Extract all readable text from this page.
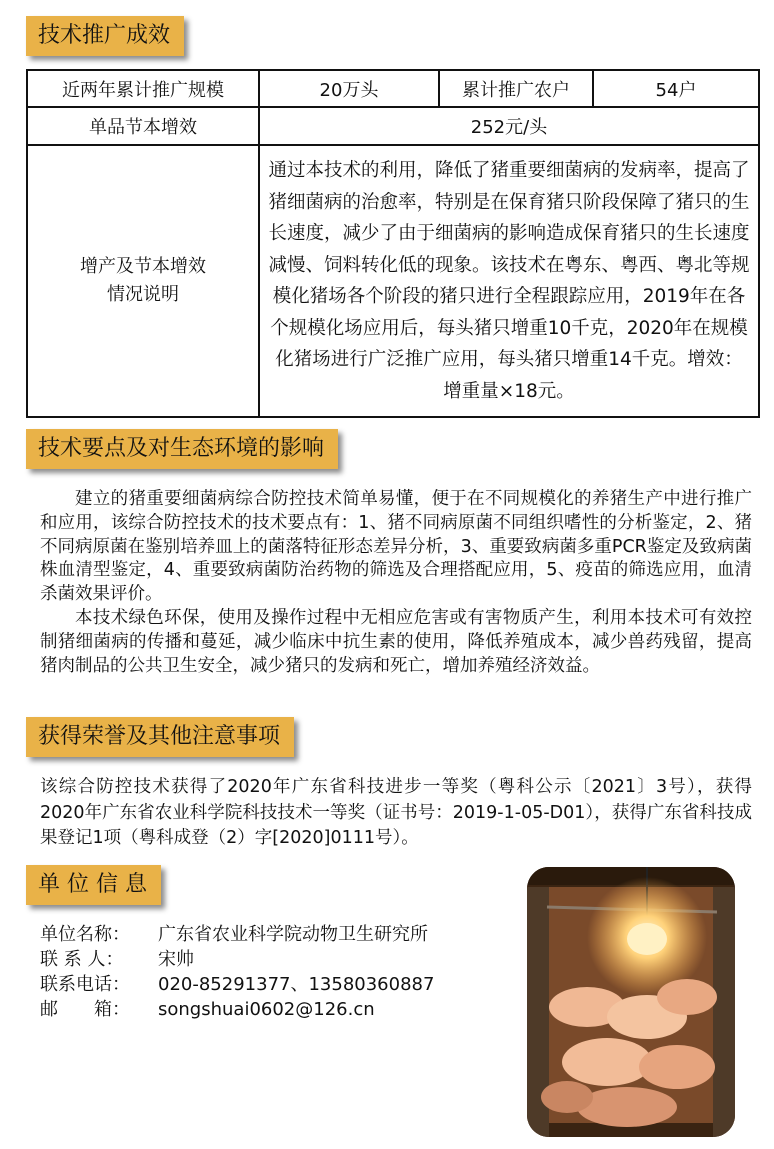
技术推广成效
近两年累计推广规模	20万头	累计推广农户	54户
单品节本增效	252元/头		

增产及节本增效
情况说明	通过本技术的利用，降低了猪重要细菌病的发病率，提高了猪细菌病的治愈率，特别是在保育猪只阶段保障了猪只的生长速度，减少了由于细菌病的影响造成保育猪只的生长速度减慢、饲料转化低的现象。该技术在粤东、粤西、粤北等规模化猪场各个阶段的猪只进行全程跟踪应用，2019年在各个规模化场应用后，每头猪只增重10千克，2020年在规模化猪场进行广泛推广应用，每头猪只增重14千克。增效：增重量×18元。		
技术要点及对生态环境的影响

建立的猪重要细菌病综合防控技术简单易懂，便于在不同规模化的养猪生产中进行推广和应用，该综合防控技术的技术要点有：1、猪不同病原菌不同组织嗜性的分析鉴定，2、猪不同病原菌在鉴别培养皿上的菌落特征形态差异分析，3、重要致病菌多重PCR鉴定及致病菌株血清型鉴定，4、重要致病菌防治药物的筛选及合理搭配应用，5、疫苗的筛选应用，血清杀菌效果评价。

本技术绿色环保，使用及操作过程中无相应危害或有害物质产生，利用本技术可有效控制猪细菌病的传播和蔓延，减少临床中抗生素的使用，降低养殖成本，减少兽药残留，提高猪肉制品的公共卫生安全，减少猪只的发病和死亡，增加养殖经济效益。

获得荣誉及其他注意事项

该综合防控技术获得了2020年广东省科技进步一等奖（粤科公示〔2021〕3号），获得2020年广东省农业科学院科技技术一等奖（证书号：2019-1-05-D01），获得广东省科技成果登记1项（粤科成登（2）字[2020]0111号）。

单 位 信 息
单位名称：	广东省农业科学院动物卫生研究所
联 系 人：	宋帅
联系电话：	020-85291377、13580360887
邮　　箱：	songshuai0602@126.cn
